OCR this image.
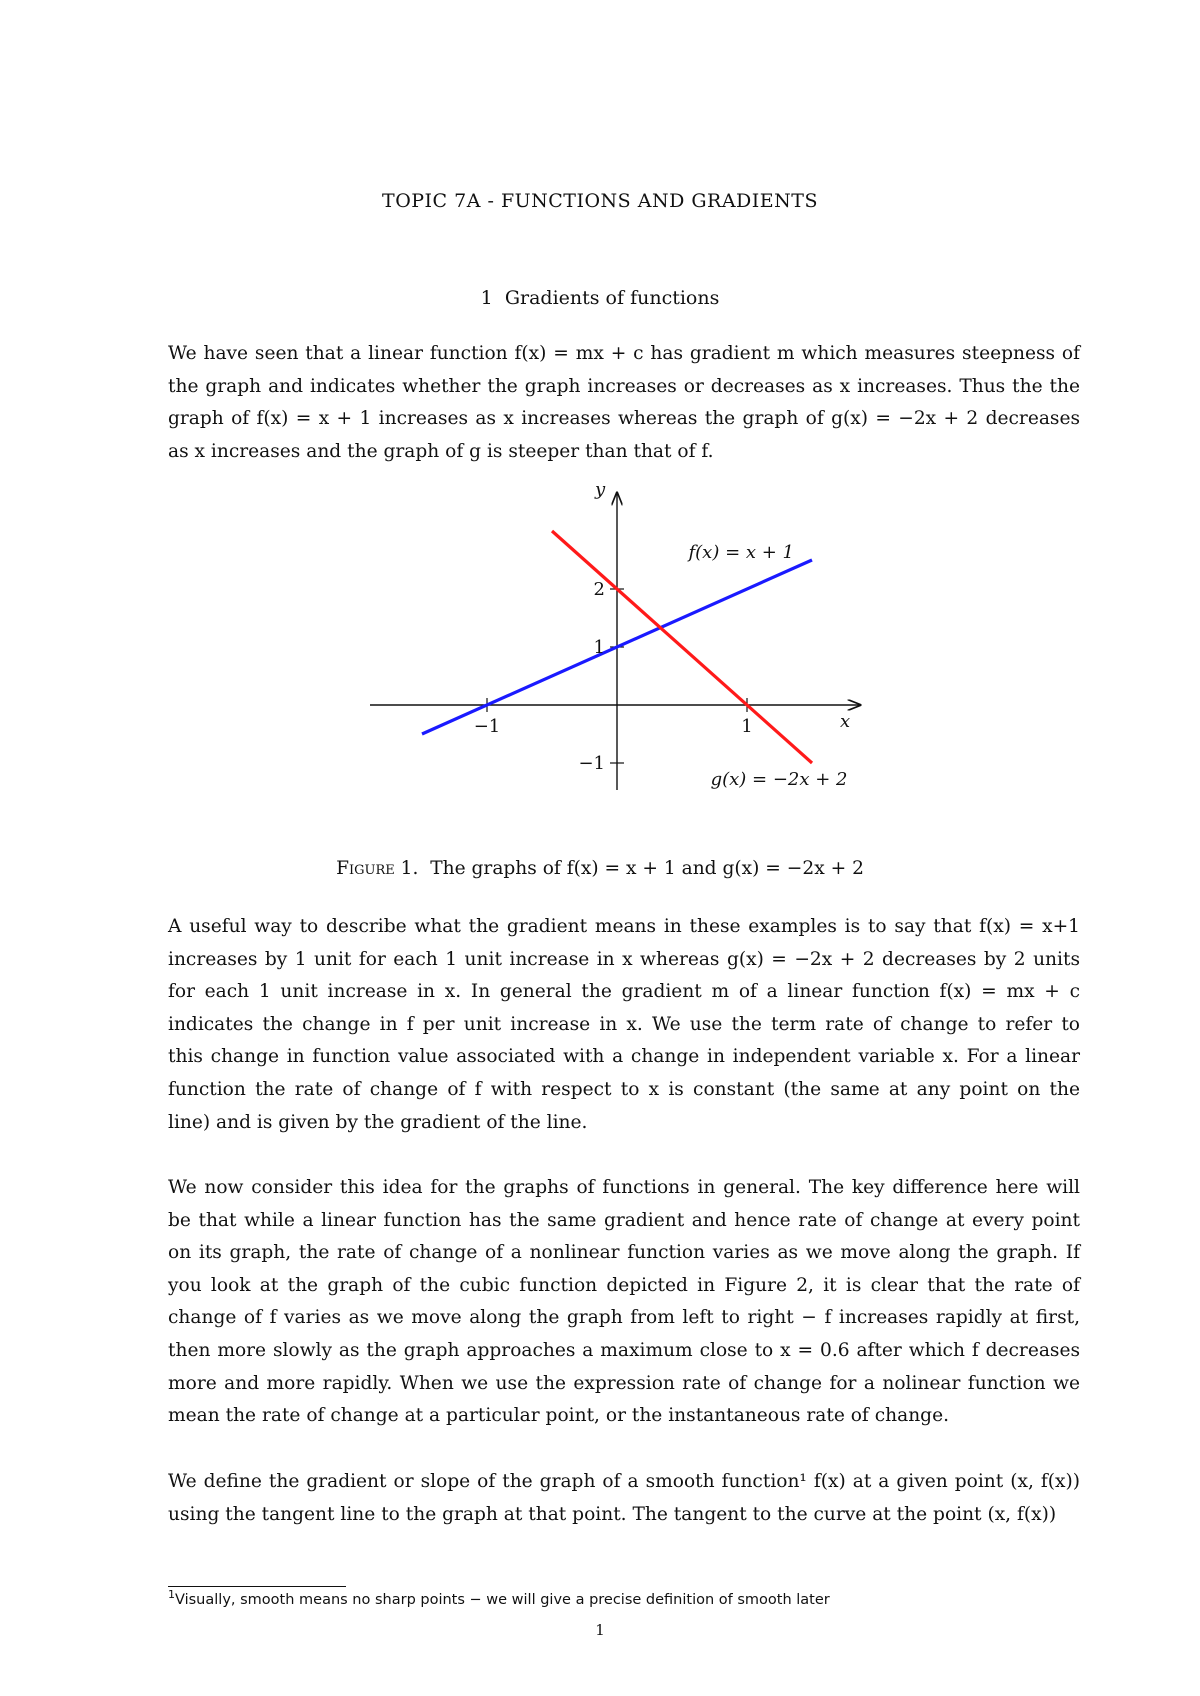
TOPIC 7A - FUNCTIONS AND GRADIENTS
1 Gradients of functions
We have seen that a linear function f(x) = mx + c has gradient m which measures steepness of
the graph and indicates whether the graph increases or decreases as x increases. Thus the the
graph of f(x) = x + 1 increases as x increases whereas the graph of g(x) = −2x + 2 decreases
as x increases and the graph of g is steeper than that of f.
−1	1
−1
1
2
f(x) = x + 1
g(x) = −2x + 2
x
y
Figure 1. The graphs of f(x) = x + 1 and g(x) = −2x + 2
A useful way to describe what the gradient means in these examples is to say that f(x) = x+1
increases by 1 unit for each 1 unit increase in x whereas g(x) = −2x + 2 decreases by 2 units
for each 1 unit increase in x. In general the gradient m of a linear function f(x) = mx + c
indicates the change in f per unit increase in x. We use the term rate of change to refer to
this change in function value associated with a change in independent variable x. For a linear
function the rate of change of f with respect to x is constant (the same at any point on the
line) and is given by the gradient of the line.
We now consider this idea for the graphs of functions in general. The key difference here will
be that while a linear function has the same gradient and hence rate of change at every point
on its graph, the rate of change of a nonlinear function varies as we move along the graph. If
you look at the graph of the cubic function depicted in Figure 2, it is clear that the rate of
change of f varies as we move along the graph from left to right − f increases rapidly at first,
then more slowly as the graph approaches a maximum close to x = 0.6 after which f decreases
more and more rapidly. When we use the expression rate of change for a nolinear function we
mean the rate of change at a particular point, or the instantaneous rate of change.
We define the gradient or slope of the graph of a smooth function¹ f(x) at a given point (x, f(x))
using the tangent line to the graph at that point. The tangent to the curve at the point (x, f(x))
$^1$Visually, smooth means no sharp points − we will give a precise definition of smooth later
1
